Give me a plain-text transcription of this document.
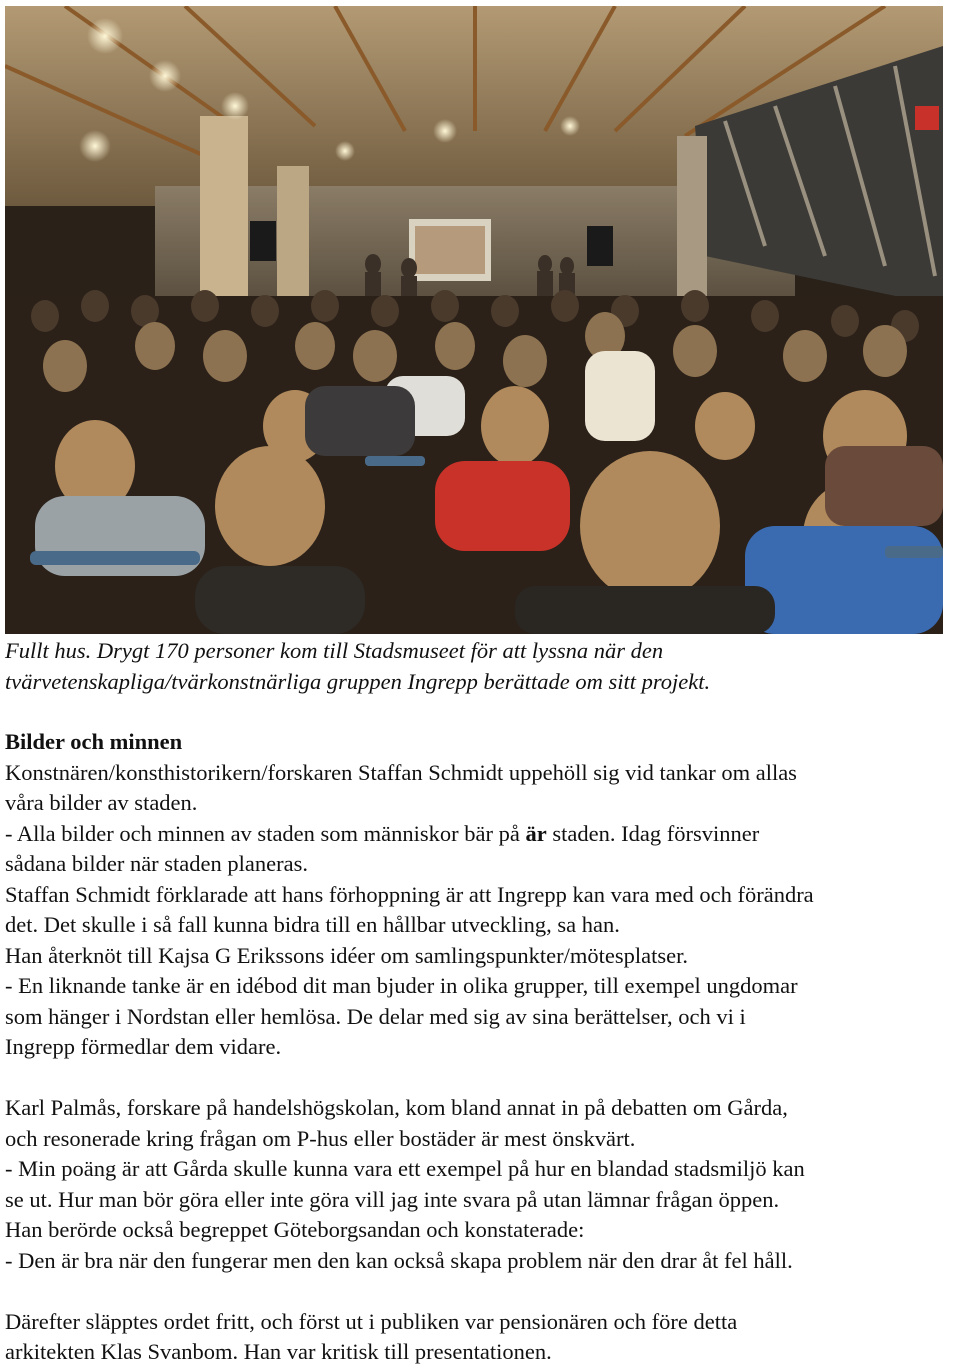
Fullt hus. Drygt 170 personer kom till Stadsmuseet för att lyssna när den

tvärvetenskapliga/tvärkonstnärliga gruppen Ingrepp berättade om sitt projekt.

Bilder och minnen

Konstnären/konsthistorikern/forskaren Staffan Schmidt uppehöll sig vid tankar om allas

våra bilder av staden.

- Alla bilder och minnen av staden som människor bär på är staden. Idag försvinner

sådana bilder när staden planeras.

Staffan Schmidt förklarade att hans förhoppning är att Ingrepp kan vara med och förändra

det. Det skulle i så fall kunna bidra till en hållbar utveckling, sa han.

Han återknöt till Kajsa G Erikssons idéer om samlingspunkter/mötesplatser.

- En liknande tanke är en idébod dit man bjuder in olika grupper, till exempel ungdomar

som hänger i Nordstan eller hemlösa. De delar med sig av sina berättelser, och vi i

Ingrepp förmedlar dem vidare.

Karl Palmås, forskare på handelshögskolan, kom bland annat in på debatten om Gårda,

och resonerade kring frågan om P-hus eller bostäder är mest önskvärt.

- Min poäng är att Gårda skulle kunna vara ett exempel på hur en blandad stadsmiljö kan

se ut. Hur man bör göra eller inte göra vill jag inte svara på utan lämnar frågan öppen.

Han berörde också begreppet Göteborgsandan och konstaterade:

- Den är bra när den fungerar men den kan också skapa problem när den drar åt fel håll.

Därefter släpptes ordet fritt, och först ut i publiken var pensionären och före detta

arkitekten Klas Svanbom. Han var kritisk till presentationen.
